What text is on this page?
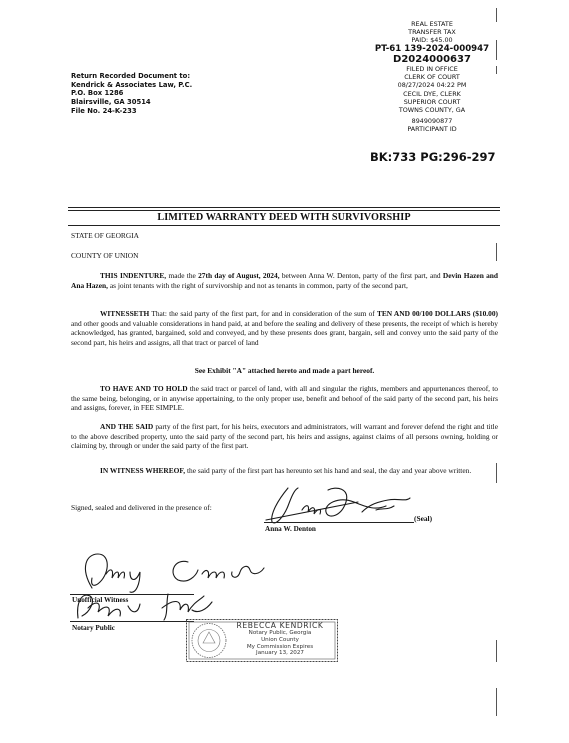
REAL ESTATE
TRANSFER TAX
PAID: $45.00
PT-61 139-2024-000947
D2024000637
FILED IN OFFICE
CLERK OF COURT
08/27/2024 04:22 PM
CECIL DYE, CLERK
SUPERIOR COURT
TOWNS COUNTY, GA
8949090877
PARTICIPANT ID
BK:733 PG:296-297
Return Recorded Document to:
Kendrick & Associates Law, P.C.
P.O. Box 1286
Blairsville, GA 30514
File No. 24-K-233
LIMITED WARRANTY DEED WITH SURVIVORSHIP
STATE OF GEORGIA
COUNTY OF UNION
THIS INDENTURE, made the 27th day of August, 2024, between Anna W. Denton, party of the first part, and Devin Hazen and Ana Hazen, as joint tenants with the right of survivorship and not as tenants in common, party of the second part,
WITNESSETH That: the said party of the first part, for and in consideration of the sum of TEN AND 00/100 DOLLARS ($10.00) and other goods and valuable considerations in hand paid, at and before the sealing and delivery of these presents, the receipt of which is hereby acknowledged, has granted, bargained, sold and conveyed, and by these presents does grant, bargain, sell and convey unto the said party of the second part, his heirs and assigns, all that tract or parcel of land
See Exhibit "A" attached hereto and made a part hereof.
TO HAVE AND TO HOLD the said tract or parcel of land, with all and singular the rights, members and appurtenances thereof, to the same being, belonging, or in anywise appertaining, to the only proper use, benefit and behoof of the said party of the second part, his heirs and assigns, forever, in FEE SIMPLE.
AND THE SAID party of the first part, for his heirs, executors and administrators, will warrant and forever defend the right and title to the above described property, unto the said party of the second part, his heirs and assigns, against claims of all persons owning, holding or claiming by, through or under the said party of the first part.
IN WITNESS WHEREOF, the said party of the first part has hereunto set his hand and seal, the day and year above written.
Signed, sealed and delivered in the presence of:
(Seal)
Anna W. Denton
Unofficial Witness
Notary Public	REBECCA KENDRICK
Notary Public, Georgia
Union County
My Commission Expires
January 13, 2027
